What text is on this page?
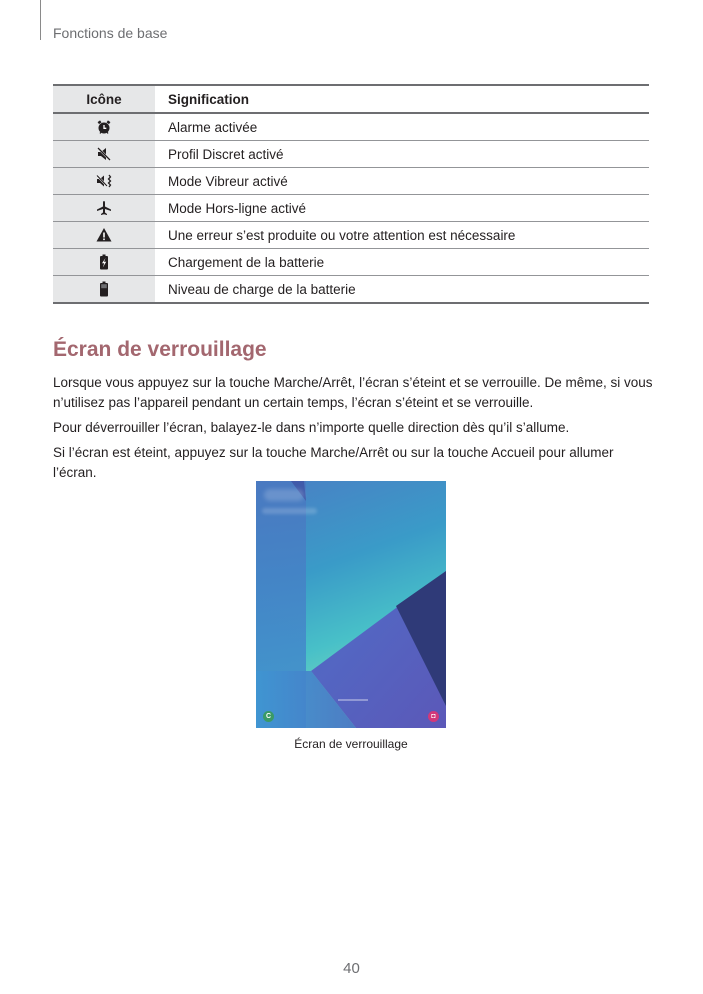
Fonctions de base
Icône	Signification

	Alarme activée

	Profil Discret activé

	Mode Vibreur activé

	Mode Hors-ligne activé

	Une erreur s’est produite ou votre attention est nécessaire

	Chargement de la batterie

	Niveau de charge de la batterie
Écran de verrouillage

Lorsque vous appuyez sur la touche Marche/Arrêt, l’écran s’éteint et se verrouille. De même, si vous n’utilisez pas l’appareil pendant un certain temps, l’écran s’éteint et se verrouille.

Pour déverrouiller l’écran, balayez-le dans n’importe quelle direction dès qu’il s’allume.

Si l’écran est éteint, appuyez sur la touche Marche/Arrêt ou sur la touche Accueil pour allumer l’écran.

C	◘
Écran de verrouillage
40
